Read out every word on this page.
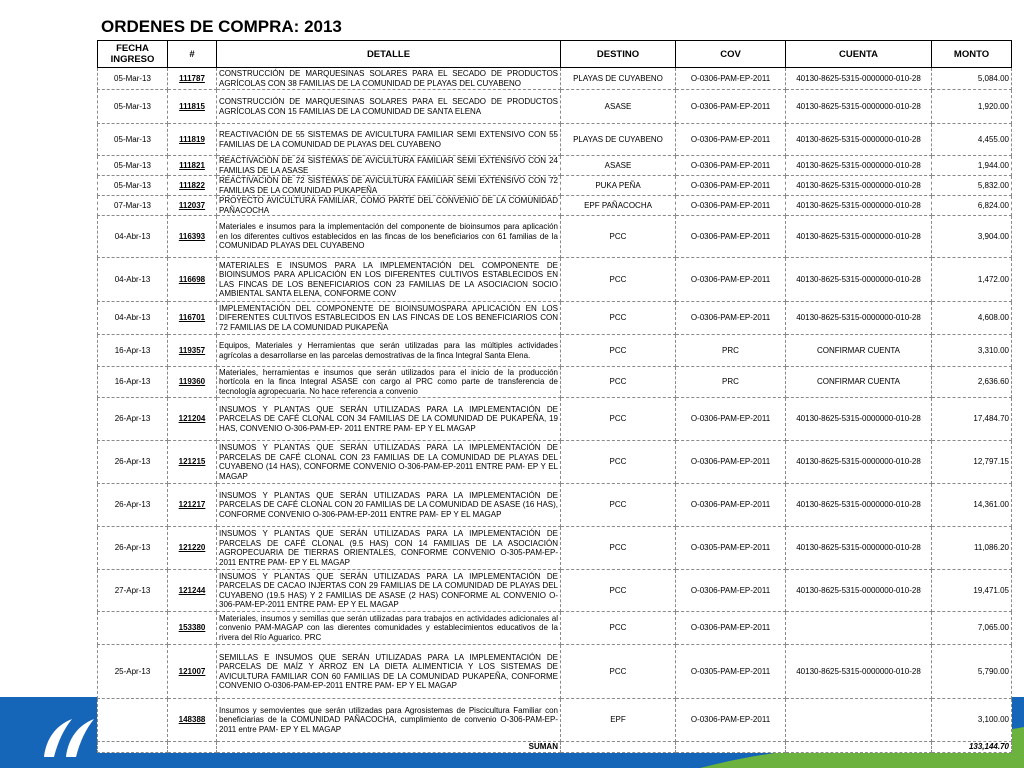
ORDENES DE COMPRA: 2013
FECHA INGRESO	#	DETALLE	DESTINO	COV	CUENTA	MONTO
05-Mar-13	111787	CONSTRUCCIÓN DE MARQUESINAS SOLARES PARA EL SECADO DE PRODUCTOS AGRÍCOLAS CON 38 FAMILIAS DE LA COMUNIDAD DE PLAYAS DEL CUYABENO	PLAYAS DE CUYABENO	O-0306-PAM-EP-2011	40130-8625-5315-0000000-010-28	5,084.00
05-Mar-13	111815	CONSTRUCCIÓN DE MARQUESINAS SOLARES PARA EL SECADO DE PRODUCTOS AGRÍCOLAS CON 15 FAMILIAS DE LA COMUNIDAD DE SANTA ELENA	ASASE	O-0306-PAM-EP-2011	40130-8625-5315-0000000-010-28	1,920.00
05-Mar-13	111819	REACTIVACIÓN DE 55 SISTEMAS DE AVICULTURA FAMILIAR SEMI EXTENSIVO CON 55 FAMILIAS DE LA COMUNIDAD DE PLAYAS DEL CUYABENO	PLAYAS DE CUYABENO	O-0306-PAM-EP-2011	40130-8625-5315-0000000-010-28	4,455.00
05-Mar-13	111821	REACTIVACIÓN DE 24 SISTEMAS DE AVICULTURA FAMILIAR SEMI EXTENSIVO CON 24 FAMILIAS DE LA ASASE	ASASE	O-0306-PAM-EP-2011	40130-8625-5315-0000000-010-28	1,944.00
05-Mar-13	111822	REACTIVACIÓN DE 72 SISTEMAS DE AVICULTURA FAMILIAR SEMI EXTENSIVO CON 72 FAMILIAS DE LA COMUNIDAD PUKAPEÑA	PUKA PEÑA	O-0306-PAM-EP-2011	40130-8625-5315-0000000-010-28	5,832.00
07-Mar-13	112037	PROYECTO AVICULTURA FAMILIAR, COMO PARTE DEL CONVENIO DE LA COMUNIDAD PAÑACOCHA	EPF PAÑACOCHA	O-0306-PAM-EP-2011	40130-8625-5315-0000000-010-28	6,824.00
04-Abr-13	116393	Materiales e insumos para la implementación del componente de bioinsumos para aplicación en los diferentes cultivos establecidos en las fincas de los beneficiarios con 61 familias de la COMUNIDAD PLAYAS DEL CUYABENO	PCC	O-0306-PAM-EP-2011	40130-8625-5315-0000000-010-28	3,904.00
04-Abr-13	116698	MATERIALES E INSUMOS PARA LA IMPLEMENTACIÓN DEL COMPONENTE DE BIOINSUMOS PARA APLICACIÓN EN LOS DIFERENTES CULTIVOS ESTABLECIDOS EN LAS FINCAS DE LOS BENEFICIARIOS CON 23 FAMILIAS DE LA ASOCIACION SOCIO AMBIENTAL SANTA ELENA, CONFORME CONV	PCC	O-0306-PAM-EP-2011	40130-8625-5315-0000000-010-28	1,472.00
04-Abr-13	116701	IMPLEMENTACIÓN DEL COMPONENTE DE BIOINSUMOSPARA APLICACIÓN EN LOS DIFERENTES CULTIVOS ESTABLECIDOS EN LAS FINCAS DE LOS BENEFICIARIOS CON 72 FAMILIAS DE LA COMUNIDAD PUKAPEÑA	PCC	O-0306-PAM-EP-2011	40130-8625-5315-0000000-010-28	4,608.00
16-Apr-13	119357	Equipos, Materiales y Herramientas que serán utilizadas para las múltiples actividades agrícolas a desarrollarse en las parcelas demostrativas de la finca Integral Santa Elena.	PCC	PRC	CONFIRMAR CUENTA	3,310.00
16-Apr-13	119360	Materiales, herramientas e insumos que serán utilizados para el inicio de la producción hortícola en la finca Integral ASASE con cargo al PRC como parte de transferencia de tecnología agropecuaria. No hace referencia a convenio	PCC	PRC	CONFIRMAR CUENTA	2,636.60
26-Apr-13	121204	INSUMOS Y PLANTAS QUE SERÁN UTILIZADAS PARA LA IMPLEMENTACIÓN DE PARCELAS DE CAFÉ CLONAL CON 34 FAMILIAS DE LA COMUNIDAD DE PUKAPEÑA, 19 HAS, CONVENIO O-306-PAM-EP- 2011 ENTRE PAM- EP Y EL MAGAP	PCC	O-0306-PAM-EP-2011	40130-8625-5315-0000000-010-28	17,484.70
26-Apr-13	121215	INSUMOS Y PLANTAS QUE SERÁN UTILIZADAS PARA LA IMPLEMENTACIÓN DE PARCELAS DE CAFÉ CLONAL CON 23 FAMILIAS DE LA COMUNIDAD DE PLAYAS DEL CUYABENO (14 HAS), CONFORME CONVENIO O-306-PAM-EP-2011 ENTRE PAM- EP Y EL MAGAP	PCC	O-0306-PAM-EP-2011	40130-8625-5315-0000000-010-28	12,797.15
26-Apr-13	121217	INSUMOS Y PLANTAS QUE SERÁN UTILIZADAS PARA LA IMPLEMENTACIÓN DE PARCELAS DE CAFÉ CLONAL CON 20 FAMILIAS DE LA COMUNIDAD DE ASASE (16 HAS), CONFORME CONVENIO O-306-PAM-EP-2011 ENTRE PAM- EP Y EL MAGAP	PCC	O-0306-PAM-EP-2011	40130-8625-5315-0000000-010-28	14,361.00
26-Apr-13	121220	INSUMOS Y PLANTAS QUE SERÁN UTILIZADAS PARA LA IMPLEMENTACIÓN DE PARCELAS DE CAFÉ CLONAL (9.5 HAS) CON 14 FAMILIAS DE LA ASOCIACIÓN AGROPECUARIA DE TIERRAS ORIENTALES, CONFORME CONVENIO O-305-PAM-EP-2011 ENTRE PAM- EP Y EL MAGAP	PCC	O-0305-PAM-EP-2011	40130-8625-5315-0000000-010-28	11,086.20
27-Apr-13	121244	INSUMOS Y PLANTAS QUE SERÁN UTILIZADAS PARA LA IMPLEMENTACIÓN DE PARCELAS DE CACAO INJERTAS CON 29 FAMILIAS DE LA COMUNIDAD DE PLAYAS DEL CUYABENO (19.5 HAS) Y 2 FAMILIAS DE ASASE (2 HAS) CONFORME AL CONVENIO O-306-PAM-EP-2011 ENTRE PAM- EP Y EL MAGAP	PCC	O-0306-PAM-EP-2011	40130-8625-5315-0000000-010-28	19,471.05
	153380	Materiales, insumos y semillas que serán utilizadas para trabajos en actividades adicionales al convenio PAM-MAGAP con las dierentes comunidades y establecimientos educativos de la rivera del Río Aguarico. PRC	PCC	O-0306-PAM-EP-2011		7,065.00
25-Apr-13	121007	SEMILLAS E INSUMOS QUE SERÁN UTILIZADAS PARA LA IMPLEMENTACIÓN DE PARCELAS DE MAÍZ Y ARROZ EN LA DIETA ALIMENTICIA Y LOS SISTEMAS DE AVICULTURA FAMILIAR CON 60 FAMILIAS DE LA COMUNIDAD PUKAPEÑA, CONFORME CONVENIO O-0306-PAM-EP-2011 ENTRE PAM- EP Y EL MAGAP	PCC	O-0305-PAM-EP-2011	40130-8625-5315-0000000-010-28	5,790.00
	148388	Insumos y semovientes que serán utilizadas para Agrosistemas de Piscicultura Familiar con beneficiarias de la COMUNIDAD PAÑACOCHA, cumplimiento de convenio O-306-PAM-EP-2011 entre PAM- EP Y EL MAGAP	EPF	O-0306-PAM-EP-2011		3,100.00
		SUMAN				133,144.70
